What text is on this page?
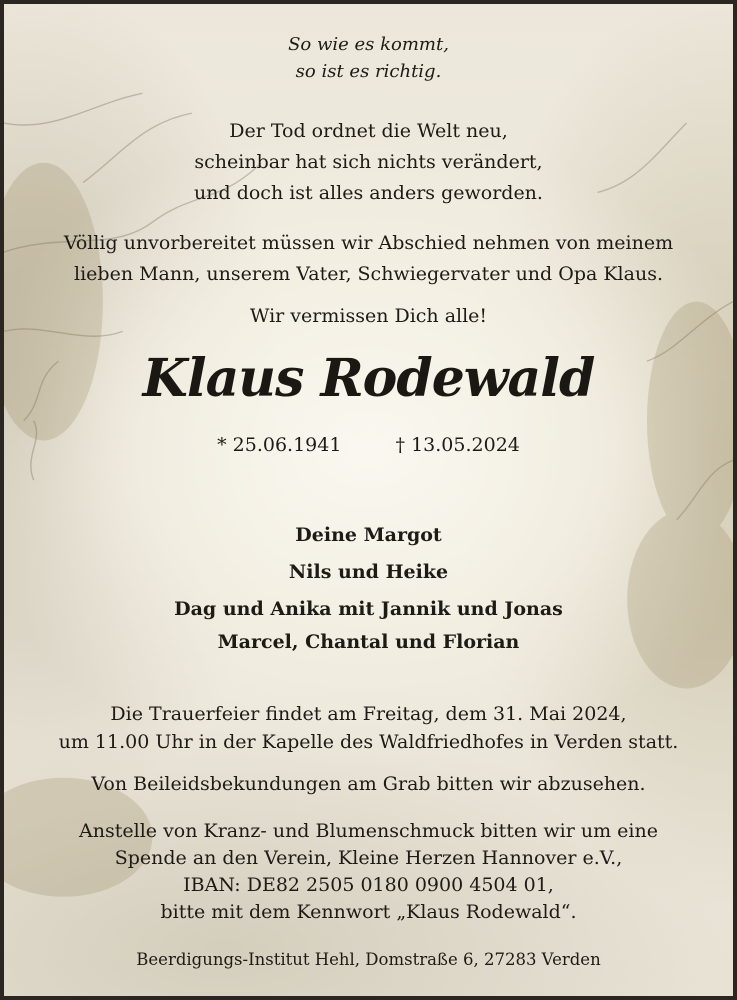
So wie es kommt,
so ist es richtig.
Der Tod ordnet die Welt neu,
scheinbar hat sich nichts verändert,
und doch ist alles anders geworden.
Völlig unvorbereitet müssen wir Abschied nehmen von meinem
lieben Mann, unserem Vater, Schwiegervater und Opa Klaus.
Wir vermissen Dich alle!
Klaus Rodewald
* 25.06.1941	† 13.05.2024
Deine Margot
Nils und Heike
Dag und Anika mit Jannik und Jonas
Marcel, Chantal und Florian
Die Trauerfeier findet am Freitag, dem 31. Mai 2024,
um 11.00 Uhr in der Kapelle des Waldfriedhofes in Verden statt.
Von Beileidsbekundungen am Grab bitten wir abzusehen.
Anstelle von Kranz- und Blumenschmuck bitten wir um eine
Spende an den Verein, Kleine Herzen Hannover e.V.,
IBAN: DE82 2505 0180 0900 4504 01,
bitte mit dem Kennwort „Klaus Rodewald“.
Beerdigungs-Institut Hehl, Domstraße 6, 27283 Verden
